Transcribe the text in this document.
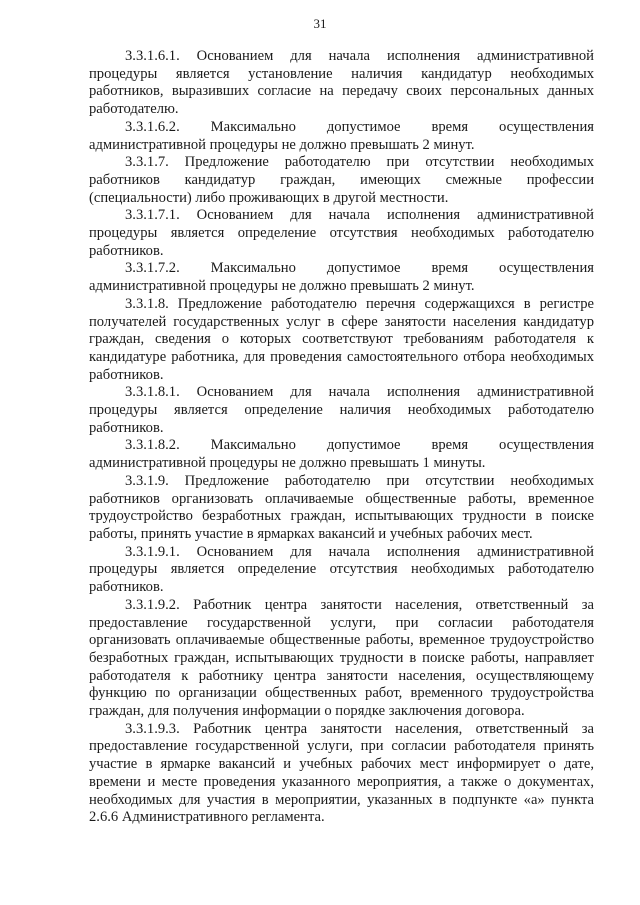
31

3.3.1.6.1. Основанием для начала исполнения административной процедуры является установление наличия кандидатур необходимых работников, выразивших согласие на передачу своих персональных данных работодателю.

3.3.1.6.2. Максимально допустимое время осуществления административной процедуры не должно превышать 2 минут.

3.3.1.7. Предложение работодателю при отсутствии необходимых работников кандидатур граждан, имеющих смежные профессии (специальности) либо проживающих в другой местности.

3.3.1.7.1. Основанием для начала исполнения административной процедуры является определение отсутствия необходимых работодателю работников.

3.3.1.7.2. Максимально допустимое время осуществления административной процедуры не должно превышать 2 минут.

3.3.1.8. Предложение работодателю перечня содержащихся в регистре получателей государственных услуг в сфере занятости населения кандидатур граждан, сведения о которых соответствуют требованиям работодателя к кандидатуре работника, для проведения самостоятельного отбора необходимых работников.

3.3.1.8.1. Основанием для начала исполнения административной процедуры является определение наличия необходимых работодателю работников.

3.3.1.8.2. Максимально допустимое время осуществления административной процедуры не должно превышать 1 минуты.

3.3.1.9. Предложение работодателю при отсутствии необходимых работников организовать оплачиваемые общественные работы, временное трудоустройство безработных граждан, испытывающих трудности в поиске работы, принять участие в ярмарках вакансий и учебных рабочих мест.

3.3.1.9.1. Основанием для начала исполнения административной процедуры является определение отсутствия необходимых работодателю работников.

3.3.1.9.2. Работник центра занятости населения, ответственный за предоставление государственной услуги, при согласии работодателя организовать оплачиваемые общественные работы, временное трудоустройство безработных граждан, испытывающих трудности в поиске работы, направляет работодателя к работнику центра занятости населения, осуществляющему функцию по организации общественных работ, временного трудоустройства граждан, для получения информации о порядке заключения договора.

3.3.1.9.3. Работник центра занятости населения, ответственный за предоставление государственной услуги, при согласии работодателя принять участие в ярмарке вакансий и учебных рабочих мест информирует о дате, времени и месте проведения указанного мероприятия, а также о документах, необходимых для участия в мероприятии, указанных в подпункте «а» пункта 2.6.6 Административного регламента.
